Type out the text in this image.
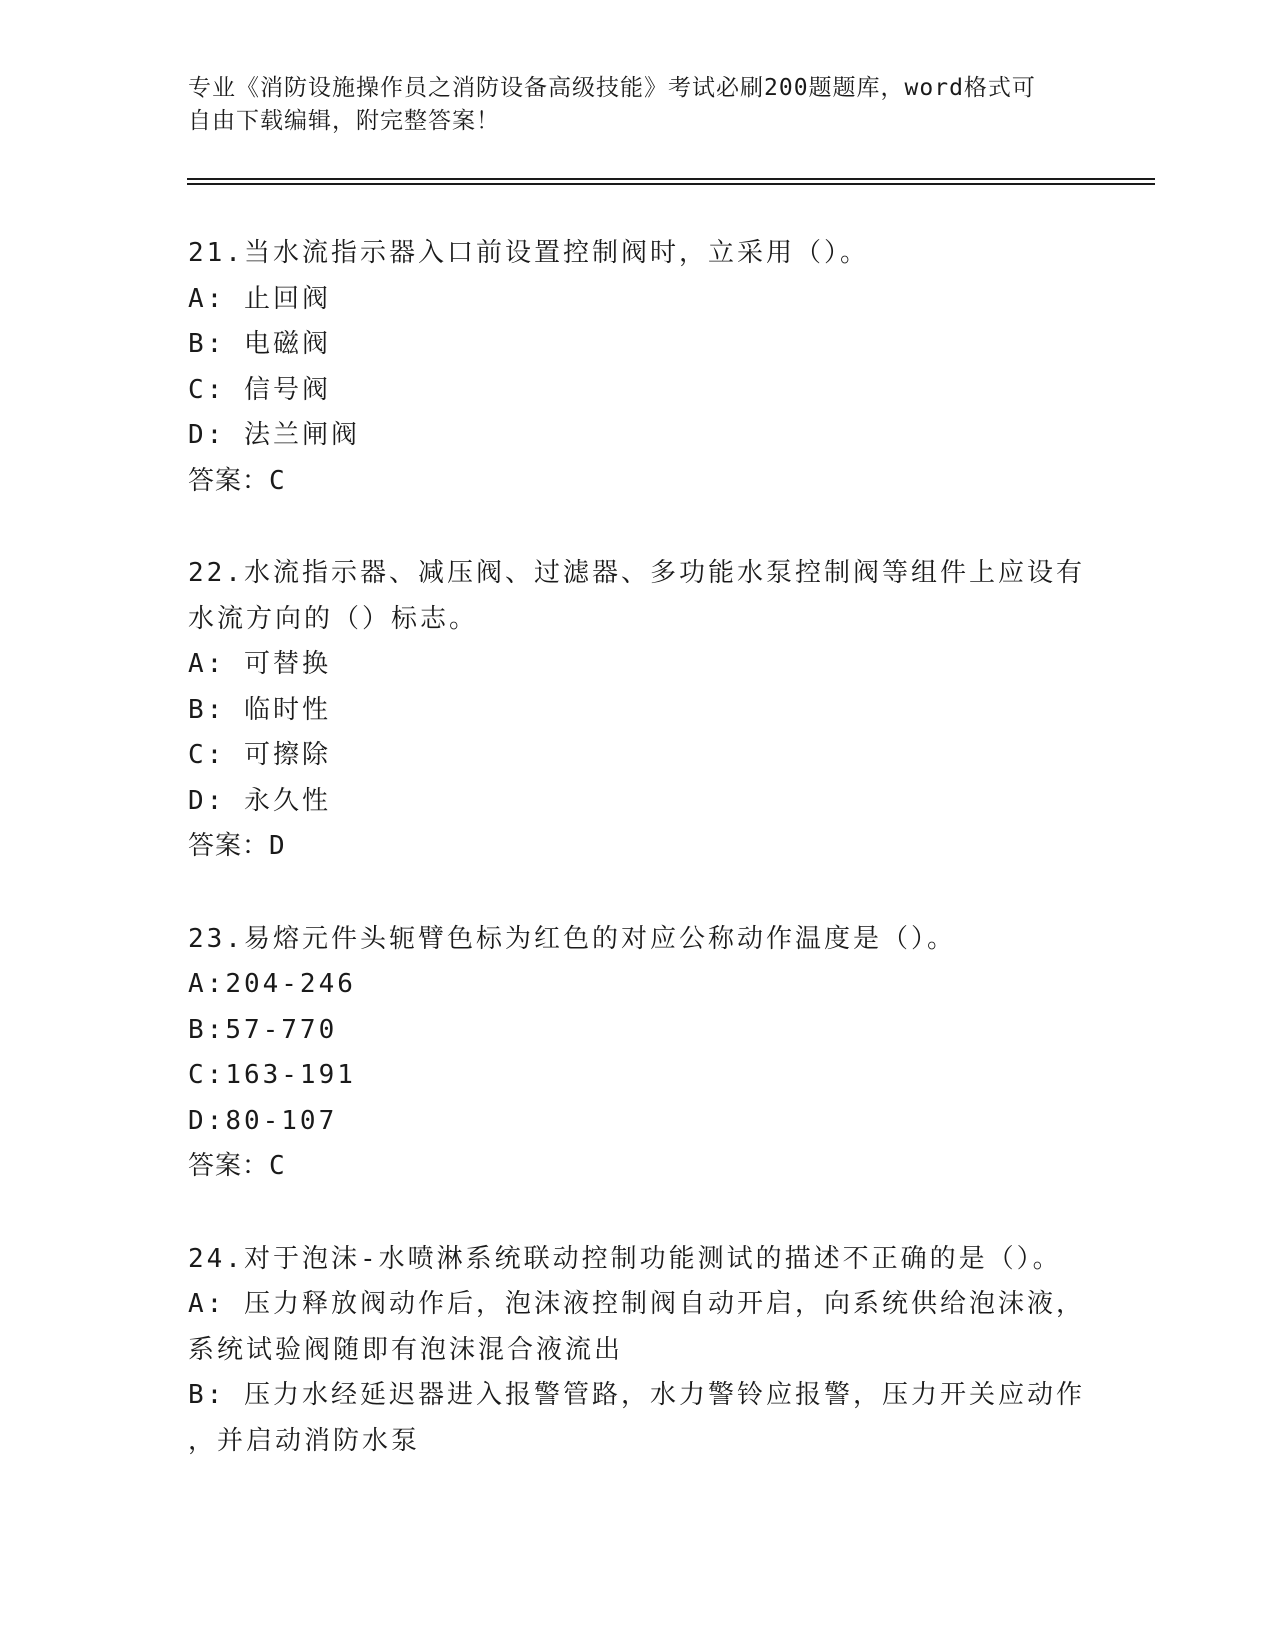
专业《消防设施操作员之消防设备高级技能》考试必刷200题题库，word格式可
自由下载编辑，附完整答案！
21.当水流指示器入口前设置控制阀时，立采用（）。
A: 止回阀
B: 电磁阀
C: 信号阀
D: 法兰闸阀
答案：C
22.水流指示器、减压阀、过滤器、多功能水泵控制阀等组件上应设有
水流方向的（）标志。
A: 可替换
B: 临时性
C: 可擦除
D: 永久性
答案：D
23.易熔元件头轭臂色标为红色的对应公称动作温度是（）。
A:204-246
B:57-770
C:163-191
D:80-107
答案：C
24.对于泡沫-水喷淋系统联动控制功能测试的描述不正确的是（）。
A: 压力释放阀动作后，泡沫液控制阀自动开启，向系统供给泡沫液，
系统试验阀随即有泡沫混合液流出
B: 压力水经延迟器进入报警管路，水力警铃应报警，压力开关应动作
，并启动消防水泵
